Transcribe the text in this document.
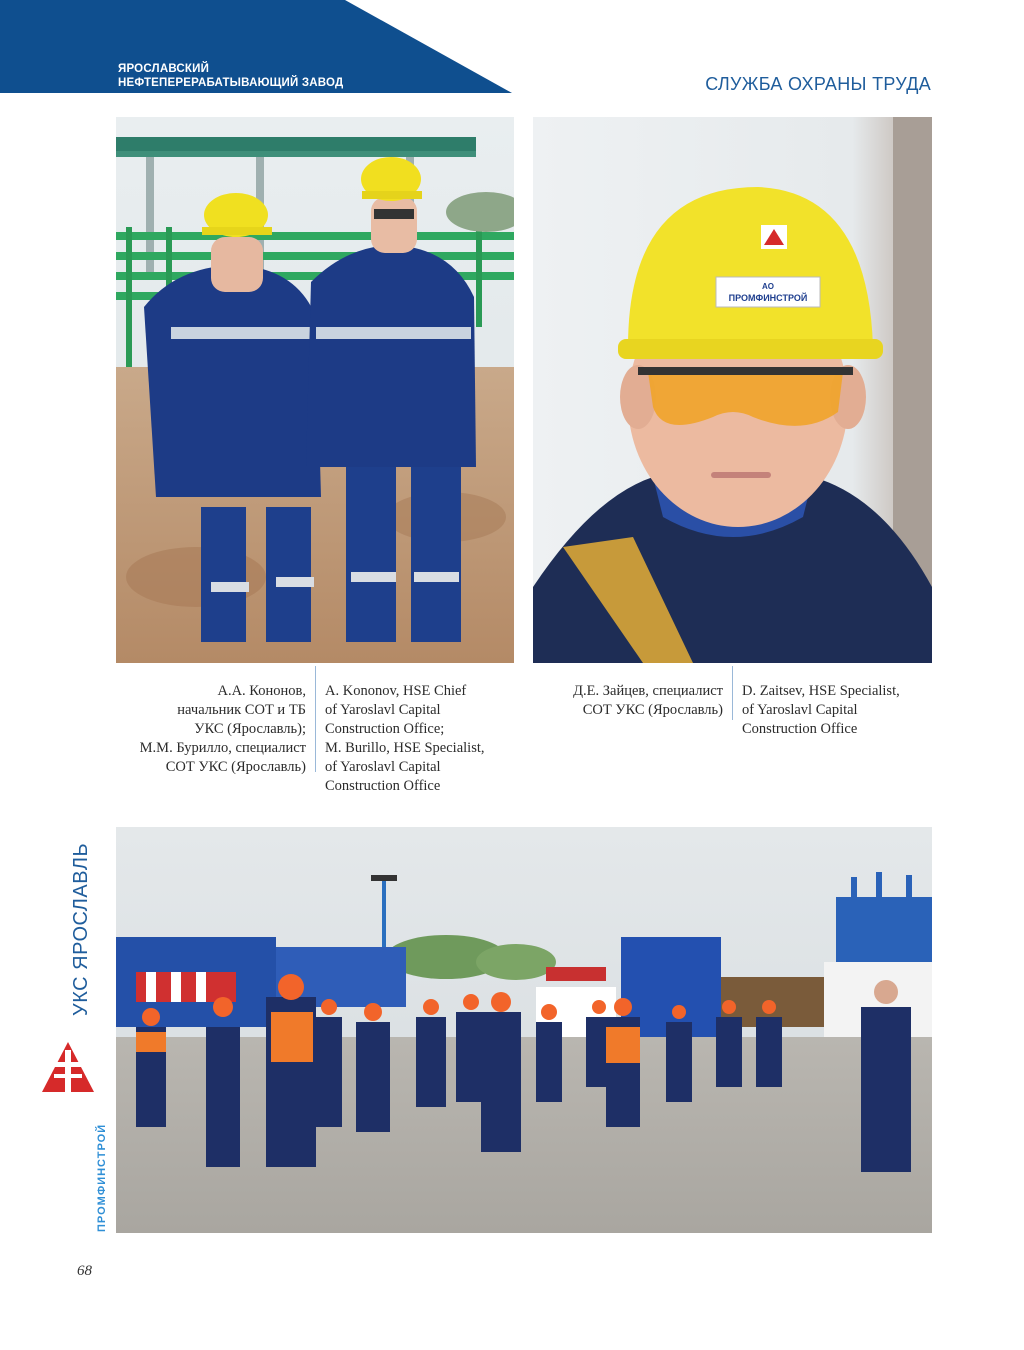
ЯРОСЛАВСКИЙ
НЕФТЕПЕРЕРАБАТЫВАЮЩИЙ ЗАВОД	СЛУЖБА ОХРАНЫ ТРУДА
АО
ПРОМФИНСТРОЙ
А.А. Кононов,
начальник СОТ и ТБ
УКС (Ярославль);
М.М. Бурилло, специалист
СОТ УКС (Ярославль)
A. Kononov, HSE Chief
of Yaroslavl Capital
Construction Office;
M. Burillo, HSE Specialist,
of Yaroslavl Capital
Construction Office
Д.Е. Зайцев, специалист
СОТ УКС (Ярославль)
D. Zaitsev, HSE Specialist,
of Yaroslavl Capital
Construction Office
УКС ЯРОСЛАВЛЬ
ПРОМФИНСТРОЙ
68
